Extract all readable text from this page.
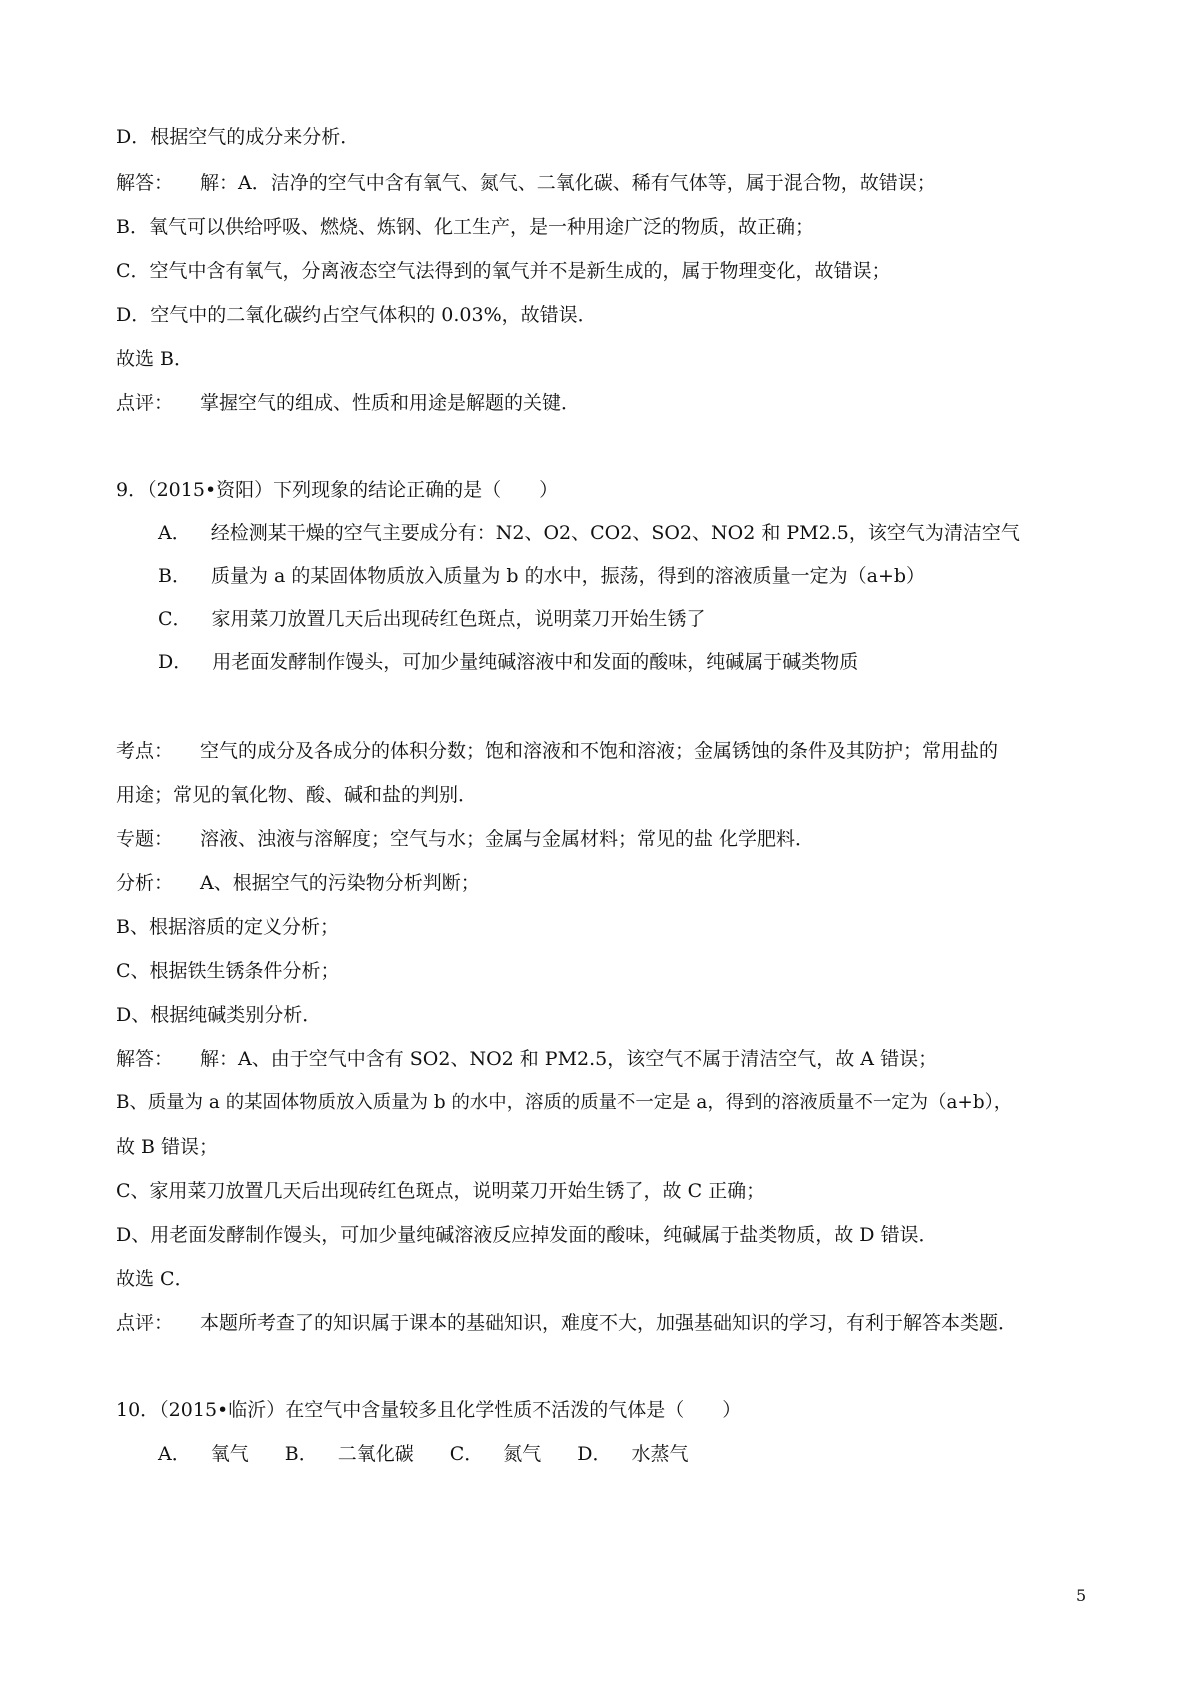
D．根据空气的成分来分析．
解答： 解：A．洁净的空气中含有氧气、氮气、二氧化碳、稀有气体等，属于混合物，故错误；
B．氧气可以供给呼吸、燃烧、炼钢、化工生产，是一种用途广泛的物质，故正确；
C．空气中含有氧气，分离液态空气法得到的氧气并不是新生成的，属于物理变化，故错误；
D．空气中的二氧化碳约占空气体积的 0.03%，故错误．
故选 B．
点评： 掌握空气的组成、性质和用途是解题的关键．
9．（2015•资阳）下列现象的结论正确的是（　　）
A． 经检测某干燥的空气主要成分有：N2、O2、CO2、SO2、NO2 和 PM2.5，该空气为清洁空气
B． 质量为 a 的某固体物质放入质量为 b 的水中，振荡，得到的溶液质量一定为（a+b）
C． 家用菜刀放置几天后出现砖红色斑点，说明菜刀开始生锈了
D． 用老面发酵制作馒头，可加少量纯碱溶液中和发面的酸味，纯碱属于碱类物质
考点： 空气的成分及各成分的体积分数；饱和溶液和不饱和溶液；金属锈蚀的条件及其防护；常用盐的
用途；常见的氧化物、酸、碱和盐的判别．
专题： 溶液、浊液与溶解度；空气与水；金属与金属材料；常见的盐 化学肥料．
分析： A、根据空气的污染物分析判断；
B、根据溶质的定义分析；
C、根据铁生锈条件分析；
D、根据纯碱类别分析．
解答： 解：A、由于空气中含有 SO2、NO2 和 PM2.5，该空气不属于清洁空气，故 A 错误；
B、质量为 a 的某固体物质放入质量为 b 的水中，溶质的质量不一定是 a，得到的溶液质量不一定为（a+b），
故 B 错误；
C、家用菜刀放置几天后出现砖红色斑点，说明菜刀开始生锈了，故 C 正确；
D、用老面发酵制作馒头，可加少量纯碱溶液反应掉发面的酸味，纯碱属于盐类物质，故 D 错误．
故选 C．
点评： 本题所考查了的知识属于课本的基础知识，难度不大，加强基础知识的学习，有利于解答本类题．
10．（2015•临沂）在空气中含量较多且化学性质不活泼的气体是（　　）
A． 氧气 B． 二氧化碳 C． 氮气 D． 水蒸气
5
